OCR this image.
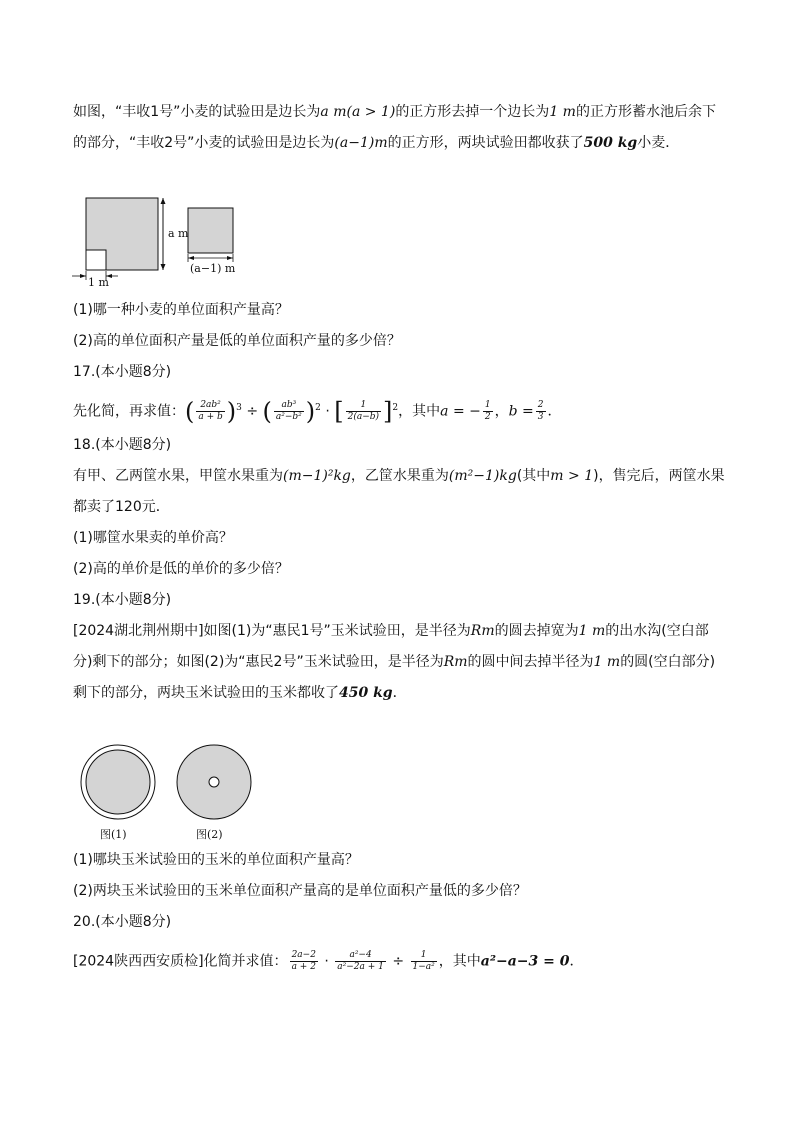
如图，“丰收1号”小麦的试验田是边长为a m(a > 1)的正方形去掉一个边长为1 m的正方形蓄水池后余下
的部分，“丰收2号”小麦的试验田是边长为(a−1)m的正方形，两块试验田都收获了500 kg小麦．
a m
1 m
(a−1) m
(1)哪一种小麦的单位面积产量高？
(2)高的单位面积产量是低的单位面积产量的多少倍？
17.(本小题8分)
先化简，再求值：( $\frac{\text{2ab²}}{a + b} )^3$ ÷ ( $\frac{\text{ab³}}{\text{a²−b²}} )^2$ · [ $\frac{1}{2(a-b)} ]^2$，其中a = − $\frac{1}{2}$ ，$b = \frac{2}{3}$ ．
18.(本小题8分)
有甲、乙两筐水果，甲筐水果重为(m−1)²kg，乙筐水果重为(m²−1)kg(其中m > 1)，售完后，两筐水果
都卖了120元．
(1)哪筐水果卖的单价高？
(2)高的单价是低的单价的多少倍？
19.(本小题8分)
[2024湖北荆州期中]如图(1)为“惠民1号”玉米试验田，是半径为Rm的圆去掉宽为1 m的出水沟(空白部
分)剩下的部分；如图(2)为“惠民2号”玉米试验田，是半径为Rm的圆中间去掉半径为1 m的圆(空白部分)
剩下的部分，两块玉米试验田的玉米都收了450 kg．
图(1)	图(2)
(1)哪块玉米试验田的玉米的单位面积产量高？
(2)两块玉米试验田的玉米单位面积产量高的是单位面积产量低的多少倍？
20.(本小题8分)
[2024陕西西安质检]化简并求值： $\frac{2a-2}{a + 2} \cdot \frac{\text{a²−4}}{\text{a²−2a + 1}} \div \frac{1}{\text{1−a²}}$ ，其中a²−a−3 = 0．
